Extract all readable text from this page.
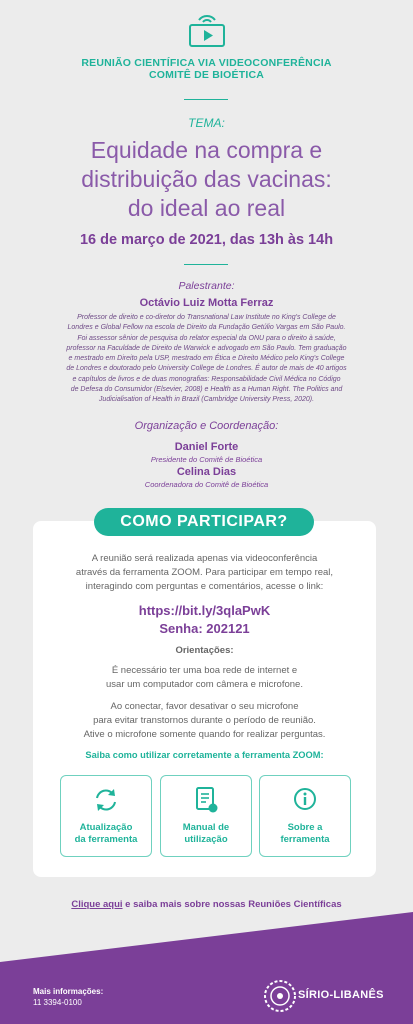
REUNIÃO CIENTÍFICA VIA VIDEOCONFERÊNCIA
COMITÊ DE BIOÉTICA
TEMA:
Equidade na compra e
distribuição das vacinas:
do ideal ao real
16 de março de 2021, das 13h às 14h
Palestrante:
Octávio Luiz Motta Ferraz
Professor de direito e co-diretor do Transnational Law Institute no King's College de
Londres e Global Fellow na escola de Direito da Fundação Getúlio Vargas em São Paulo.
Foi assessor sênior de pesquisa do relator especial da ONU para o direito à saúde,
professor na Faculdade de Direito de Warwick e advogado em São Paulo. Tem graduação
e mestrado em Direito pela USP, mestrado em Ética e Direito Médico pelo King's College
de Londres e doutorado pelo University College de Londres. É autor de mais de 40 artigos
e capítulos de livros e de duas monografias: Responsabilidade Civil Médica no Código
de Defesa do Consumidor (Elsevier, 2008) e Health as a Human Right. The Politics and
Judicialisation of Health in Brazil (Cambridge University Press, 2020).
Organização e Coordenação:
Daniel Forte
Presidente do Comitê de Bioética
Celina Dias
Coordenadora do Comitê de Bioética
COMO PARTICIPAR?
A reunião será realizada apenas via videoconferência
através da ferramenta ZOOM. Para participar em tempo real,
interagindo com perguntas e comentários, acesse o link:
https://bit.ly/3qlaPwK
Senha: 202121
Orientações:
É necessário ter uma boa rede de internet e
usar um computador com câmera e microfone.
Ao conectar, favor desativar o seu microfone
para evitar transtornos durante o período de reunião.
Ative o microfone somente quando for realizar perguntas.
Saiba como utilizar corretamente a ferramenta ZOOM:
Atualização
da ferramenta
Manual de
utilização
Sobre a
ferramenta
Clique aqui e saiba mais sobre nossas Reuniões Científicas
Mais informações:
11 3394-0100
SÍRIO-LIBANÊS
